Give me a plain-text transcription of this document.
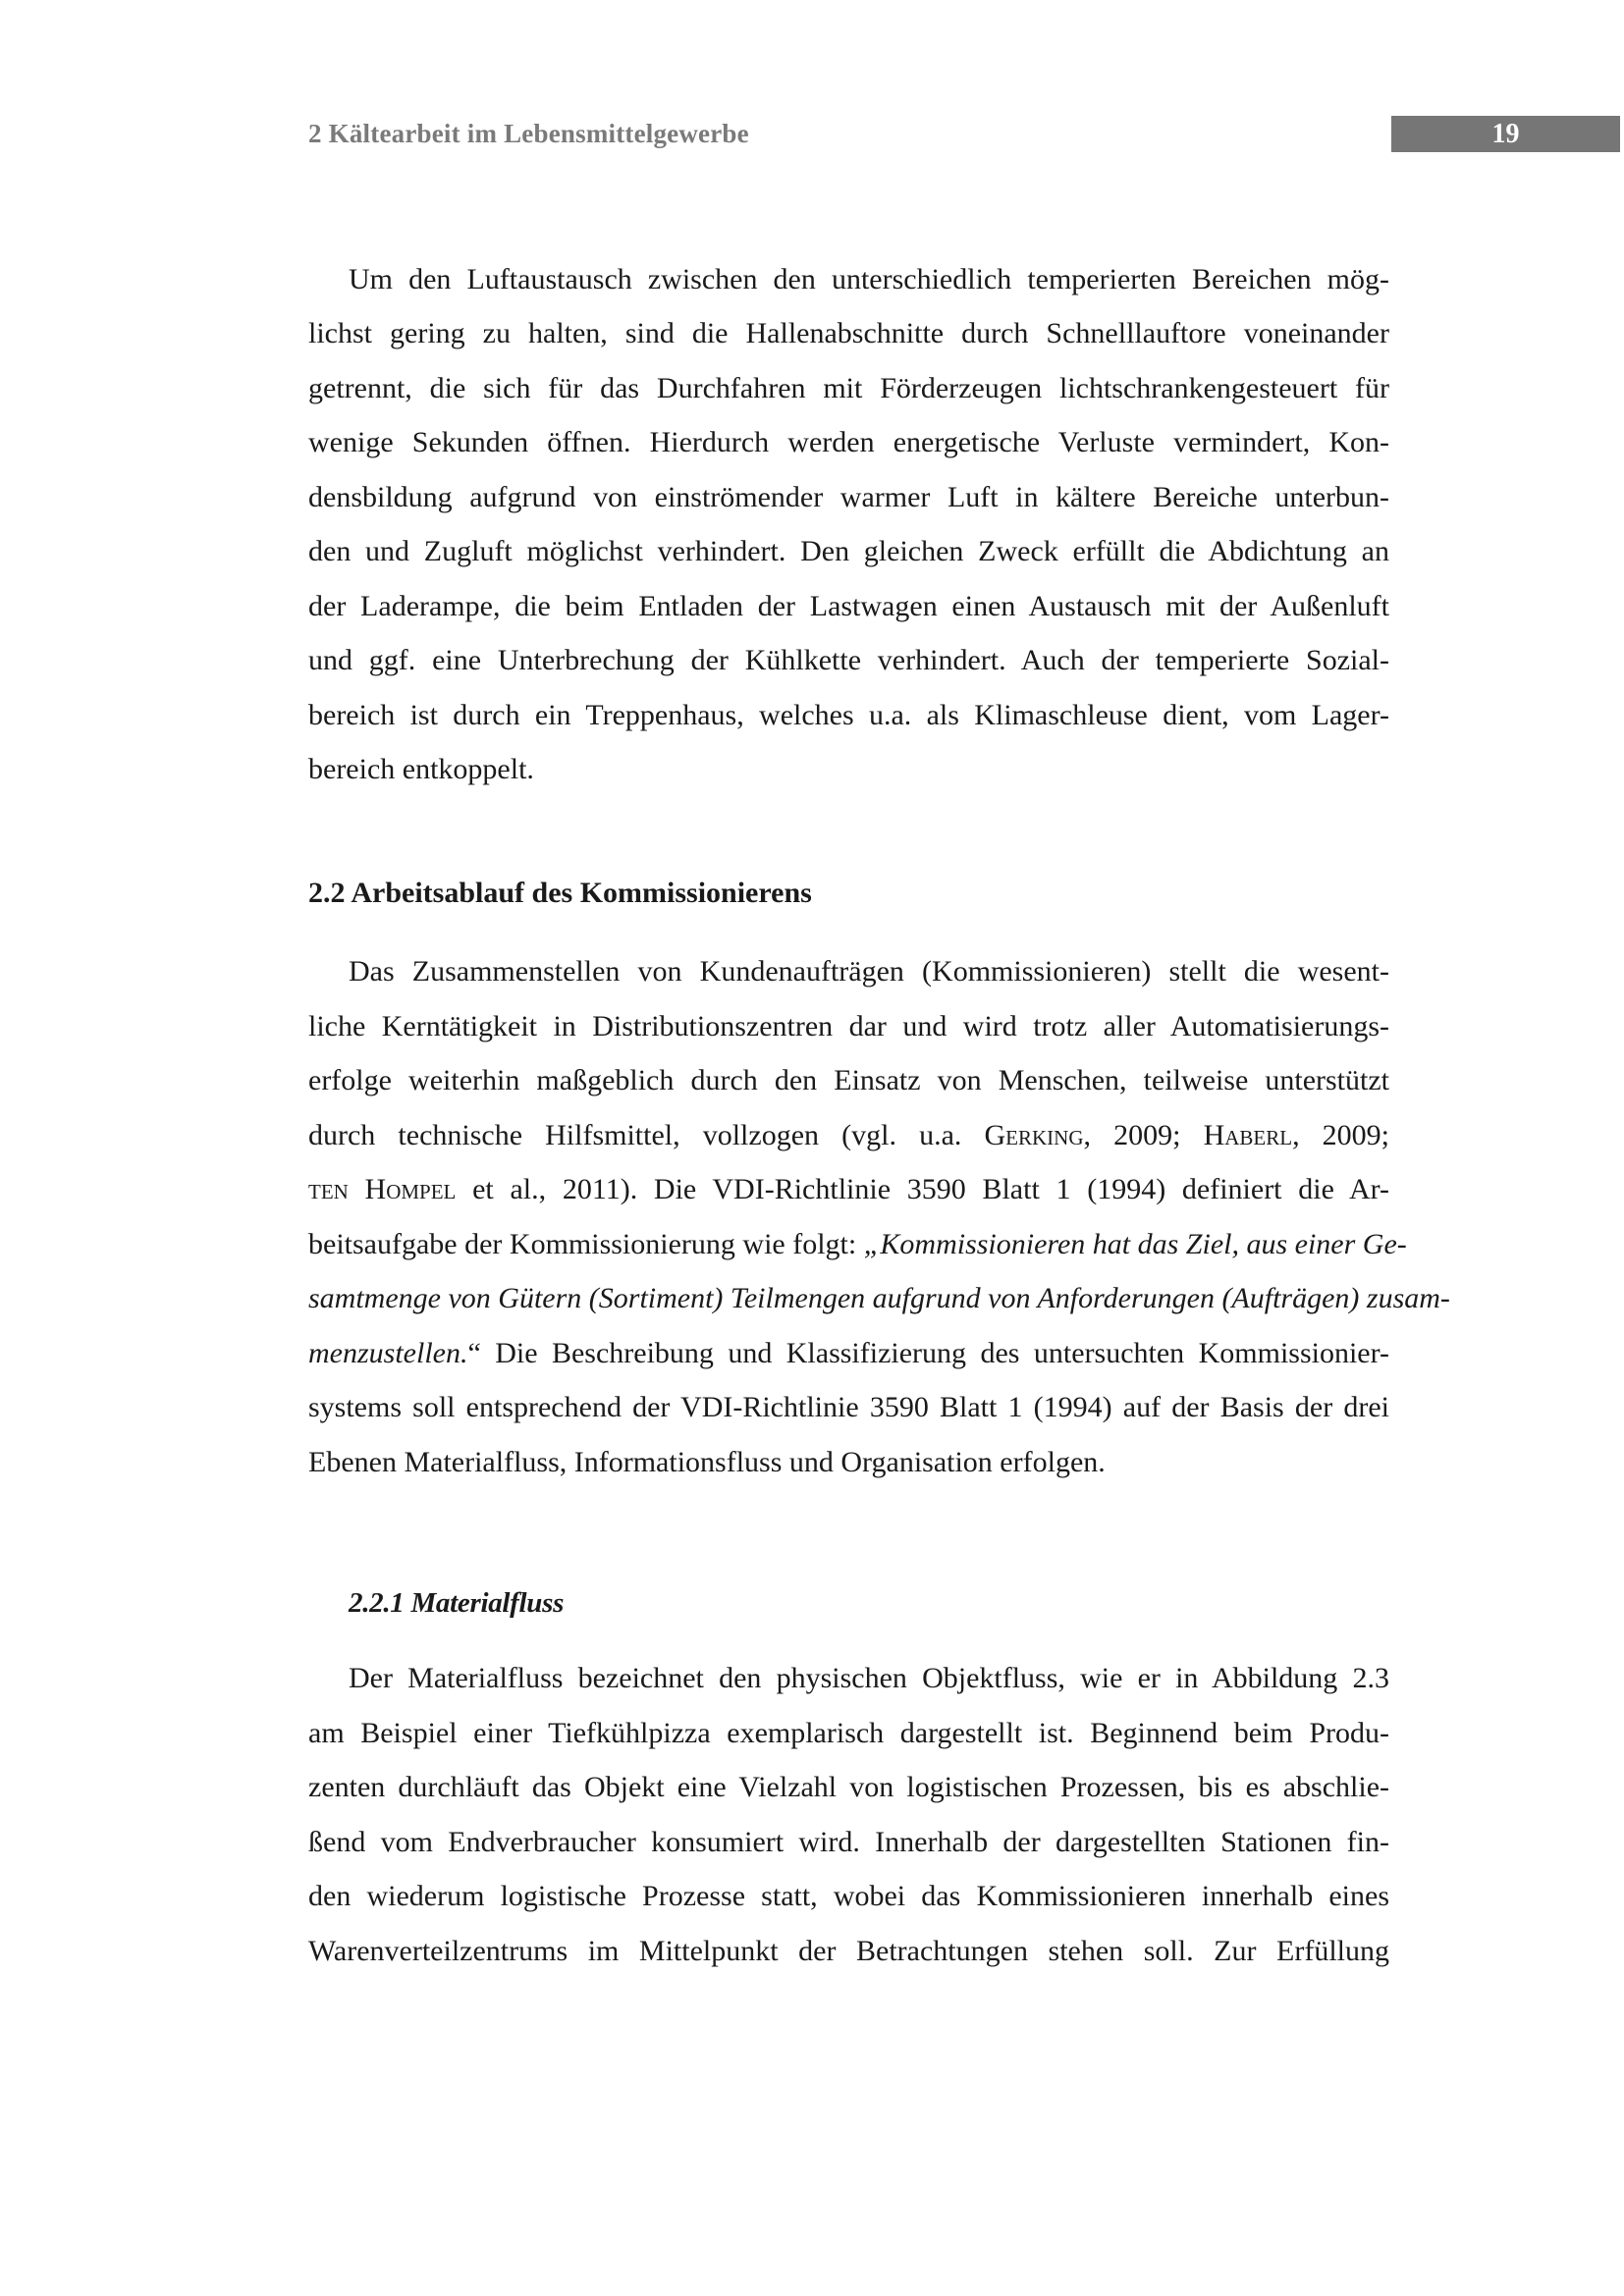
2 Kältearbeit im Lebensmittelgewerbe	19
Um den Luftaustausch zwischen den unterschiedlich temperierten Bereichen mög-
lichst gering zu halten, sind die Hallenabschnitte durch Schnelllauftore voneinander
getrennt, die sich für das Durchfahren mit Förderzeugen lichtschrankengesteuert für
wenige Sekunden öffnen. Hierdurch werden energetische Verluste vermindert, Kon-
densbildung aufgrund von einströmender warmer Luft in kältere Bereiche unterbun-
den und Zugluft möglichst verhindert. Den gleichen Zweck erfüllt die Abdichtung an
der Laderampe, die beim Entladen der Lastwagen einen Austausch mit der Außenluft
und ggf. eine Unterbrechung der Kühlkette verhindert. Auch der temperierte Sozial-
bereich ist durch ein Treppenhaus, welches u.a. als Klimaschleuse dient, vom Lager-
bereich entkoppelt.
2.2 Arbeitsablauf des Kommissionierens
Das Zusammenstellen von Kundenaufträgen (Kommissionieren) stellt die wesent-
liche Kerntätigkeit in Distributionszentren dar und wird trotz aller Automatisierungs-
erfolge weiterhin maßgeblich durch den Einsatz von Menschen, teilweise unterstützt
durch technische Hilfsmittel, vollzogen (vgl. u.a. Gerking, 2009; Haberl, 2009;
ten Hompel et al., 2011). Die VDI-Richtlinie 3590 Blatt 1 (1994) definiert die Ar-
beitsaufgabe der Kommissionierung wie folgt: „Kommissionieren hat das Ziel, aus einer Ge-
samtmenge von Gütern (Sortiment) Teilmengen aufgrund von Anforderungen (Aufträgen) zusam-
menzustellen.“ Die Beschreibung und Klassifizierung des untersuchten Kommissionier-
systems soll entsprechend der VDI-Richtlinie 3590 Blatt 1 (1994) auf der Basis der drei
Ebenen Materialfluss, Informationsfluss und Organisation erfolgen.
2.2.1 Materialfluss
Der Materialfluss bezeichnet den physischen Objektfluss, wie er in Abbildung 2.3
am Beispiel einer Tiefkühlpizza exemplarisch dargestellt ist. Beginnend beim Produ-
zenten durchläuft das Objekt eine Vielzahl von logistischen Prozessen, bis es abschlie-
ßend vom Endverbraucher konsumiert wird. Innerhalb der dargestellten Stationen fin-
den wiederum logistische Prozesse statt, wobei das Kommissionieren innerhalb eines
Warenverteilzentrums im Mittelpunkt der Betrachtungen stehen soll. Zur Erfüllung
